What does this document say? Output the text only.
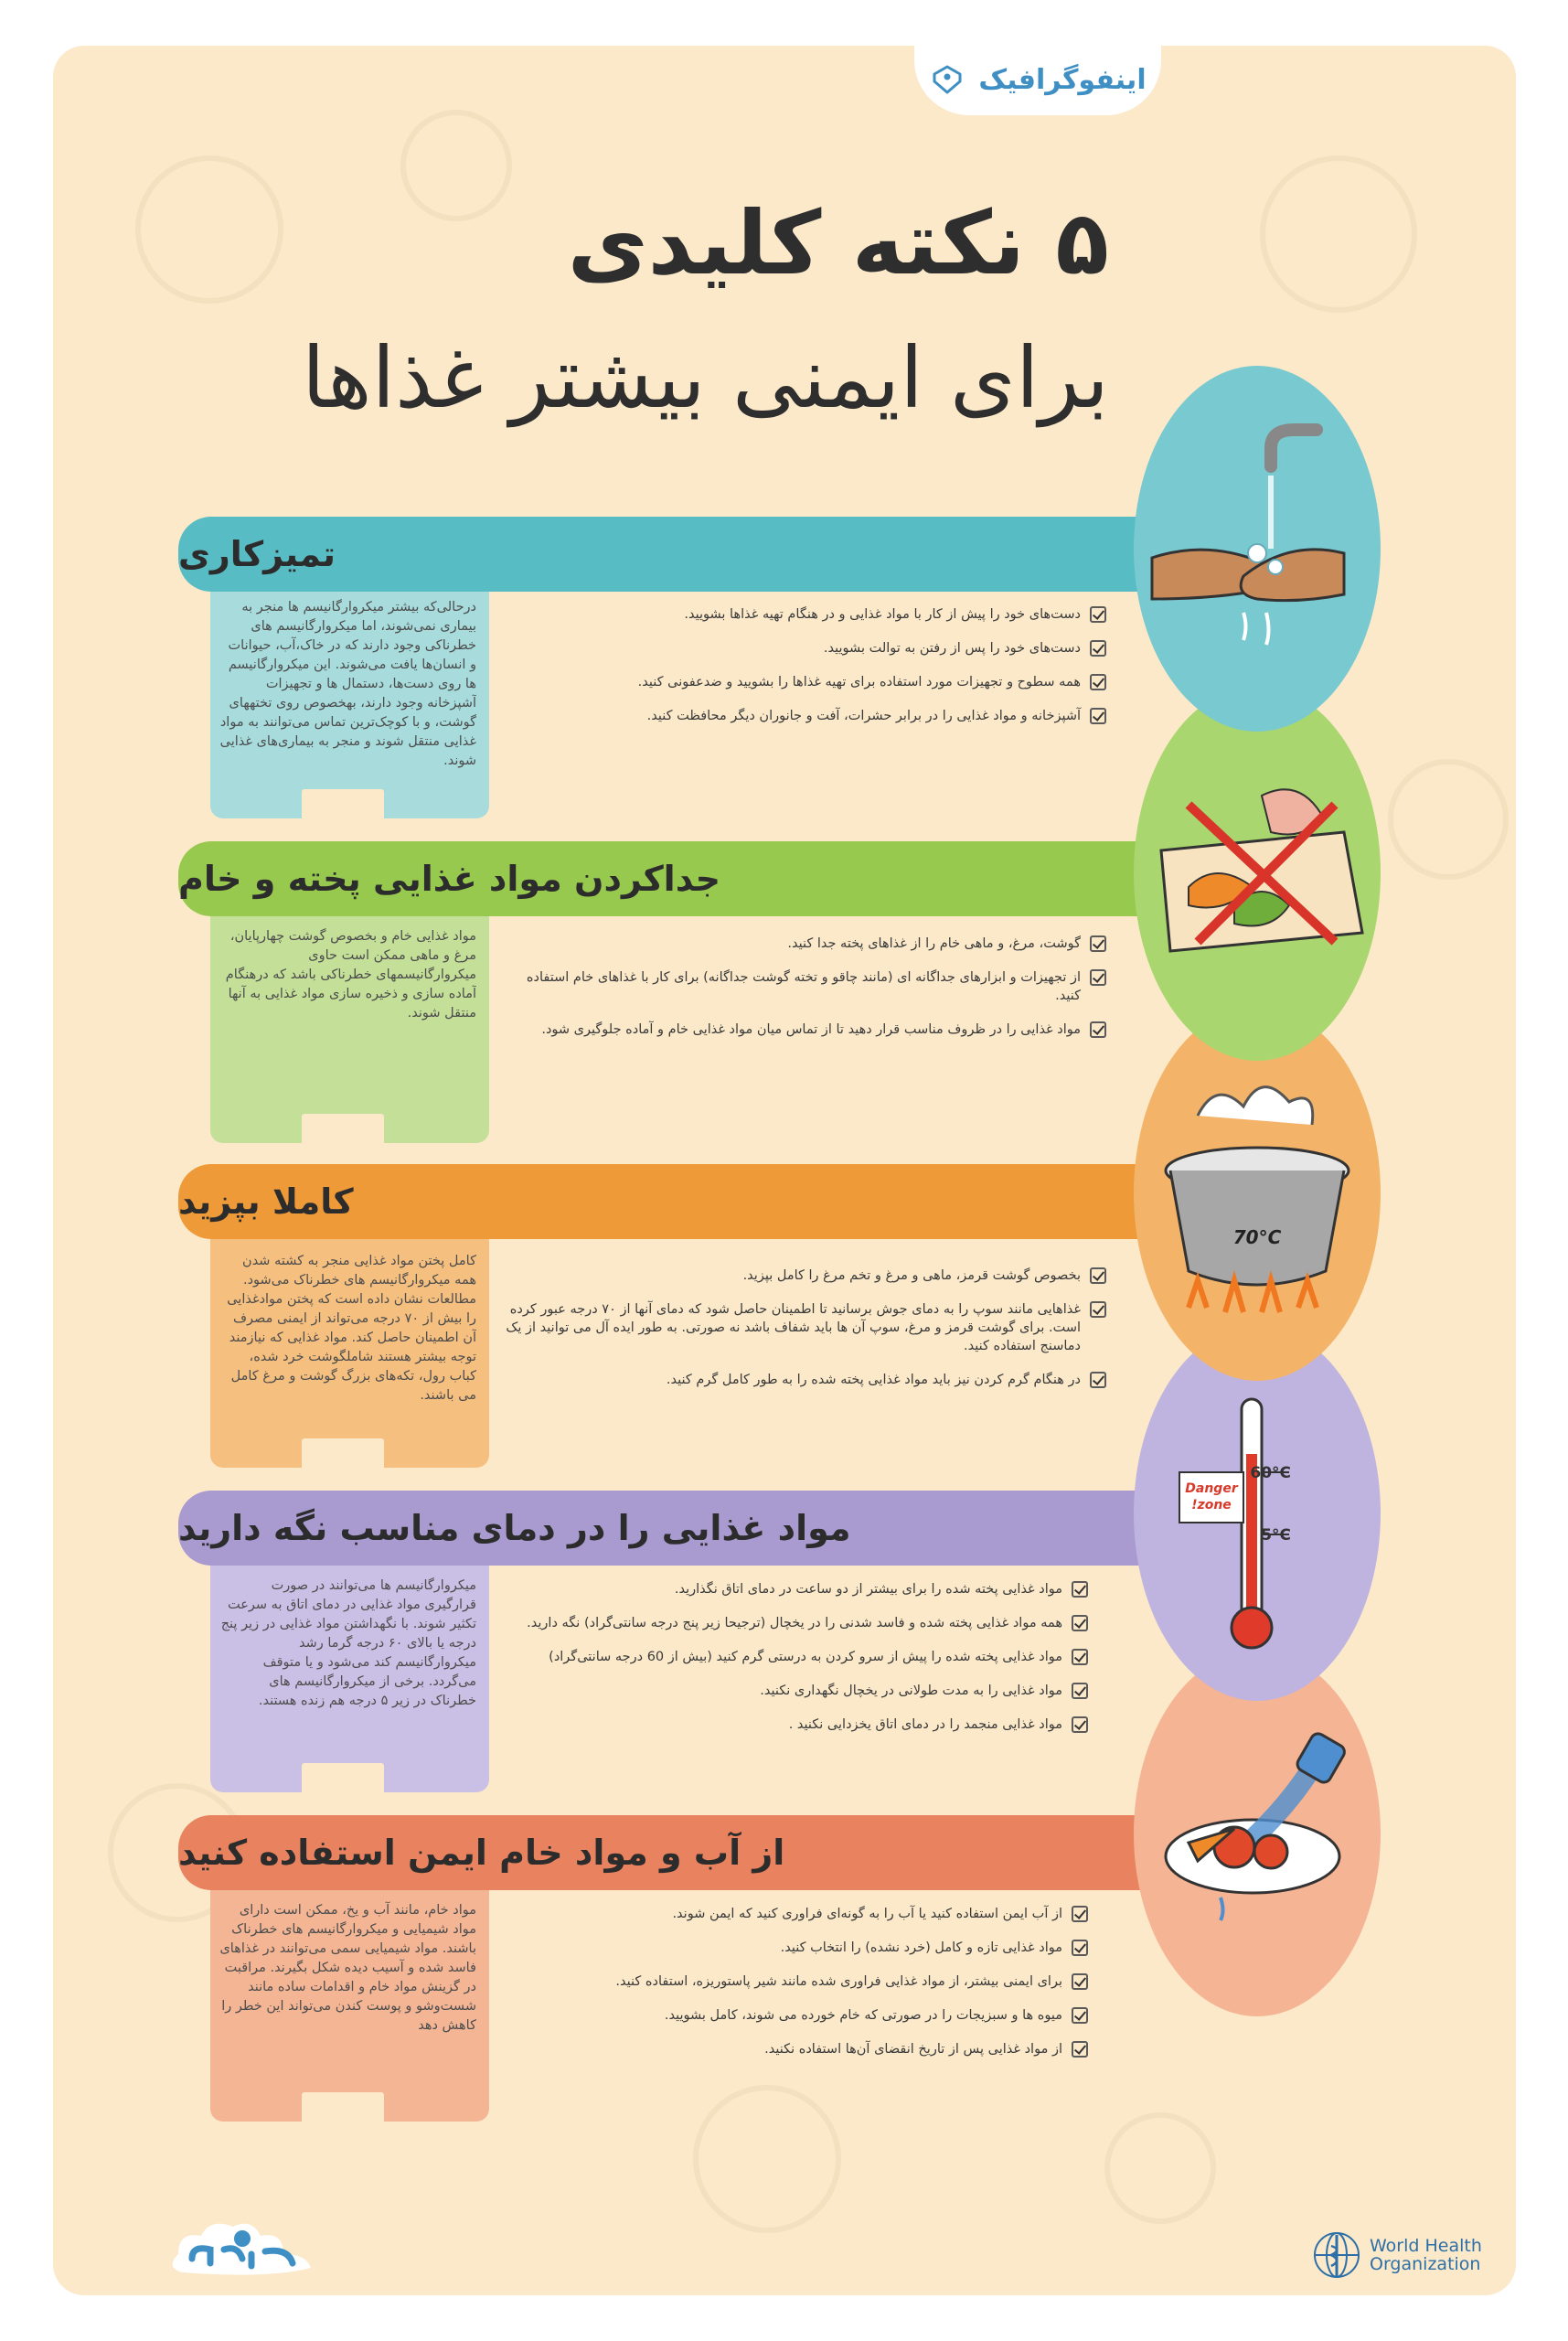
اینفوگرافیک
۵ نکته کلیدی
برای ایمنی بیشتر غذاها
درحالی‌که بیشتر میکروارگانیسم ها منجر به بیماری نمی‌شوند، اما میکروارگانیسم های خطرناکی وجود دارند که در خاک،آب، حیوانات و انسان‌ها یافت می‌شوند. این میکروارگانیسم ها روی دست‌ها، دستمال ها و تجهیزات آشپزخانه وجود دارند، بهخصوص روی تختههای گوشت، و با کوچک‌ترین تماس می‌توانند به مواد غذایی منتقل شوند و منجر به بیماری‌های غذایی شوند.
تمیزکاری
دست‌های خود را پیش از کار با مواد غذایی و در هنگام تهیه غذاها بشویید.
دست‌های خود را پس از رفتن به توالت بشویید.
همه سطوح و تجهیزات مورد استفاده برای تهیه غذاها را بشویید و ضدعفونی کنید.
آشپزخانه و مواد غذایی را در برابر حشرات، آفت و جانوران دیگر محافظت کنید.
مواد غذایی خام و بخصوص گوشت چهارپایان، مرغ و ماهی ممکن است حاوی میکروارگانیسمهای خطرناکی باشد که درهنگام آماده سازی و ذخیره سازی مواد غذایی به آنها منتقل شوند.
جداکردن مواد غذایی پخته و خام
گوشت، مرغ، و ماهی خام را از غذاهای پخته جدا کنید.
از تجهیزات و ابزارهای جداگانه ای (مانند چاقو و تخته گوشت جداگانه) برای کار با غذاهای خام استفاده کنید.
مواد غذایی را در ظروف مناسب قرار دهید تا از تماس میان مواد غذایی خام و آماده جلوگیری شود.
کامل پختن مواد غذایی منجر به کشته شدن همه میکروارگانیسم های خطرناک می‌شود. مطالعات نشان داده است که پختن موادغذایی را بیش از ۷۰ درجه می‌تواند از ایمنی مصرف آن اطمینان حاصل کند. مواد غذایی که نیازمند توجه بیشتر هستند شاملگوشت خرد شده، کباب رول، تکه‌های بزرگ گوشت و مرغ کامل می باشند.
کاملا بپزید
بخصوص گوشت قرمز، ماهی و مرغ و تخم مرغ را کامل بپزید.
غذاهایی مانند سوپ را به دمای جوش برسانید تا اطمینان حاصل شود که دمای آنها از ۷۰ درجه عبور کرده است. برای گوشت قرمز و مرغ، سوپ آن ها باید شفاف باشد نه صورتی. به طور ایده آل می توانید از یک دماسنج استفاده کنید.
در هنگام گرم کردن نیز باید مواد غذایی پخته شده را به طور کامل گرم کنید.
میکروارگانیسم ها می‌توانند در صورت قرارگیری مواد غذایی در دمای اتاق به سرعت تکثیر شوند. با نگهداشتن مواد غذایی در زیر پنج درجه یا بالای ۶۰ درجه گرما رشد میکروارگانیسم کند می‌شود و یا متوقف می‌گردد. برخی از میکروارگانیسم های خطرناک در زیر ۵ درجه هم زنده هستند.
مواد غذایی را در دمای مناسب نگه دارید
مواد غذایی پخته شده را برای بیشتر از دو ساعت در دمای اتاق نگذارید.
همه مواد غذایی پخته شده و فاسد شدنی را در یخچال (ترجیحا زیر پنج درجه سانتی‌گراد) نگه دارید.
مواد غذایی پخته شده را پیش از سرو کردن به درستی گرم کنید (بیش از 60 درجه سانتی‌گراد)
مواد غذایی را به مدت طولانی در یخچال نگهداری نکنید.
مواد غذایی منجمد را در دمای اتاق یخزدایی نکنید .
مواد خام، مانند آب و یخ، ممکن است دارای مواد شیمیایی و میکروارگانیسم های خطرناک باشند. مواد شیمیایی سمی می‌توانند در غذاهای فاسد شده و آسیب دیده شکل بگیرند. مراقبت در گزینش مواد خام و اقدامات ساده مانند شست‌وشو و پوست کندن می‌تواند این خطر را کاهش دهد
از آب و مواد خام ایمن استفاده کنید
از آب ایمن استفاده کنید یا آب را به گونه‌ای فراوری کنید که ایمن شوند.
مواد غذایی تازه و کامل (خرد نشده) را انتخاب کنید.
برای ایمنی بیشتر، از مواد غذایی فراوری شده مانند شیر پاستوریزه، استفاده کنید.
میوه ها و سبزیجات را در صورتی که خام خورده می شوند، کامل بشویید.
از مواد غذایی پس از تاریخ انقضای آن‌ها استفاده نکنید.
Danger
zone!
60°C
5°C
70°C
World Health
Organization
